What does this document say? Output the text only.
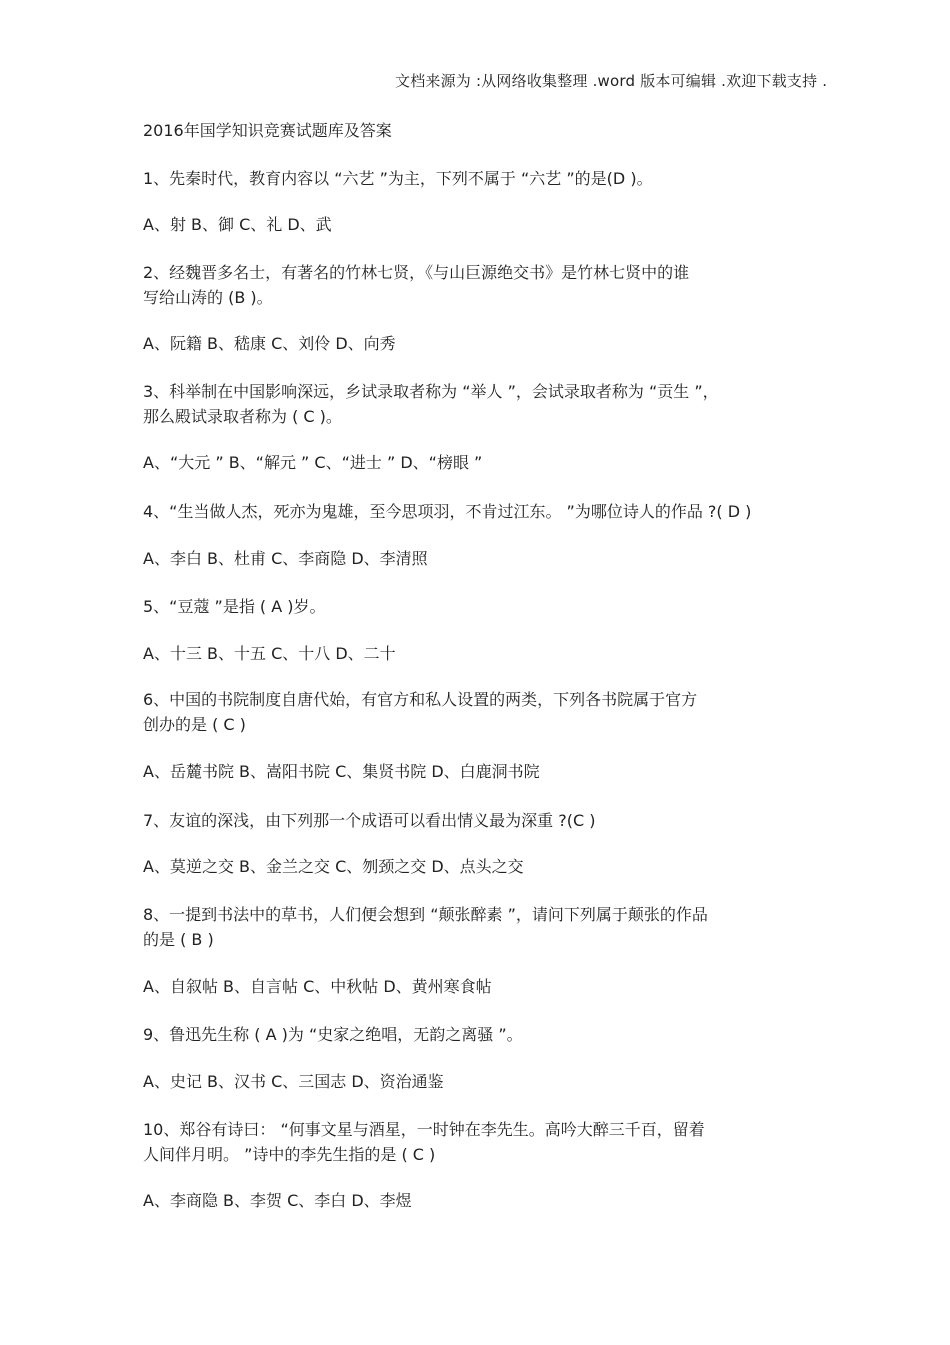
文档来源为 :从网络收集整理 .word 版本可编辑 .欢迎下载支持 .
2016年国学知识竞赛试题库及答案
1、先秦时代，教育内容以 “六艺 ”为主，下列不属于 “六艺 ”的是(D )。
A、射 B、御 C、礼 D、武
2、经魏晋多名士，有著名的竹林七贤，《与山巨源绝交书》是竹林七贤中的谁
写给山涛的 (B )。
A、阮籍 B、嵇康 C、刘伶 D、向秀
3、科举制在中国影响深远，乡试录取者称为 “举人 ”，会试录取者称为 “贡生 ”，
那么殿试录取者称为 ( C )。
A、“大元 ” B、“解元 ” C、“进士 ” D、“榜眼 ”
4、“生当做人杰，死亦为鬼雄，至今思项羽，不肯过江东。 ”为哪位诗人的作品 ?( D )
A、李白 B、杜甫 C、李商隐 D、李清照
5、“豆蔻 ”是指 ( A )岁。
A、十三 B、十五 C、十八 D、二十
6、中国的书院制度自唐代始，有官方和私人设置的两类，下列各书院属于官方
创办的是 ( C )
A、岳麓书院 B、嵩阳书院 C、集贤书院 D、白鹿洞书院
7、友谊的深浅，由下列那一个成语可以看出情义最为深重 ?(C )
A、莫逆之交 B、金兰之交 C、刎颈之交 D、点头之交
8、一提到书法中的草书，人们便会想到 “颠张醉素 ”，请问下列属于颠张的作品
的是 ( B )
A、自叙帖 B、自言帖 C、中秋帖 D、黄州寒食帖
9、鲁迅先生称 ( A )为 “史家之绝唱，无韵之离骚 ”。
A、史记 B、汉书 C、三国志 D、资治通鉴
10、郑谷有诗曰： “何事文星与酒星，一时钟在李先生。高吟大醉三千百，留着
人间伴月明。 ”诗中的李先生指的是 ( C )
A、李商隐 B、李贺 C、李白 D、李煜
